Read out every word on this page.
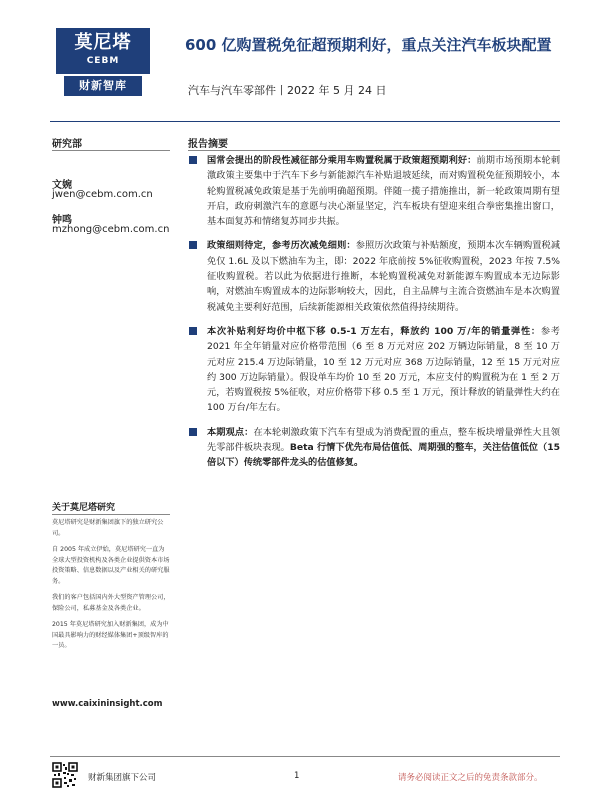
莫尼塔
CEBM
财新智库
600 亿购置税免征超预期利好，重点关注汽车板块配置
汽车与汽车零部件丨2022 年 5 月 24 日
研究部
文婉
jwen@cebm.com.cn
钟鸣
mzhong@cebm.com.cn
报告摘要
国常会提出的阶段性减征部分乘用车购置税属于政策超预期利好：前期市场预期本轮刺激政策主要集中于汽车下乡与新能源汽车补贴退坡延续，而对购置税免征预期较小，本轮购置税减免政策是基于先前明确超预期。伴随一揽子措施推出，新一轮政策周期有望开启，政府刺激汽车的意愿与决心渐显坚定，汽车板块有望迎来组合拳密集推出窗口，基本面复苏和情绪复苏同步共振。
政策细则待定，参考历次减免细则：参照历次政策与补贴额度，预期本次车辆购置税减免仅 1.6L 及以下燃油车为主，即：2022 年底前按 5%征收购置税，2023 年按 7.5%征收购置税。若以此为依据进行推断，本轮购置税减免对新能源车购置成本无边际影响，对燃油车购置成本的边际影响较大，因此，自主品牌与主流合资燃油车是本次购置税减免主要利好范围，后续新能源相关政策依然值得持续期待。
本次补贴利好均价中枢下移 0.5-1 万左右，释放约 100 万/年的销量弹性：参考 2021 年全年销量对应价格带范围（6 至 8 万元对应 202 万辆边际销量，8 至 10 万元对应 215.4 万边际销量，10 至 12 万元对应 368 万边际销量，12 至 15 万元对应约 300 万边际销量）。假设单车均价 10 至 20 万元，本应支付的购置税为在 1 至 2 万元，若购置税按 5%征收，对应价格带下移 0.5 至 1 万元，预计释放的销量弹性大约在 100 万台/年左右。
本期观点：在本轮刺激政策下汽车有望成为消费配置的重点，整车板块增量弹性大且领先零部件板块表现。Beta 行情下优先布局估值低、周期强的整车，关注估值低位（15 倍以下）传统零部件龙头的估值修复。
关于莫尼塔研究

莫尼塔研究是财新集团旗下的独立研究公司。

自 2005 年成立伊始，莫尼塔研究一直为全球大型投资机构及各类企业提供资本市场投资策略、信息数据以及产业相关的研究服务。

我们的客户包括国内外大型资产管理公司，保险公司，私募基金及各类企业。

2015 年莫尼塔研究加入财新集团，成为中国最具影响力的财经媒体集团+顶级智库的一员。

www.caixininsight.com
财新集团旗下公司	1	请务必阅读正文之后的免责条款部分。
